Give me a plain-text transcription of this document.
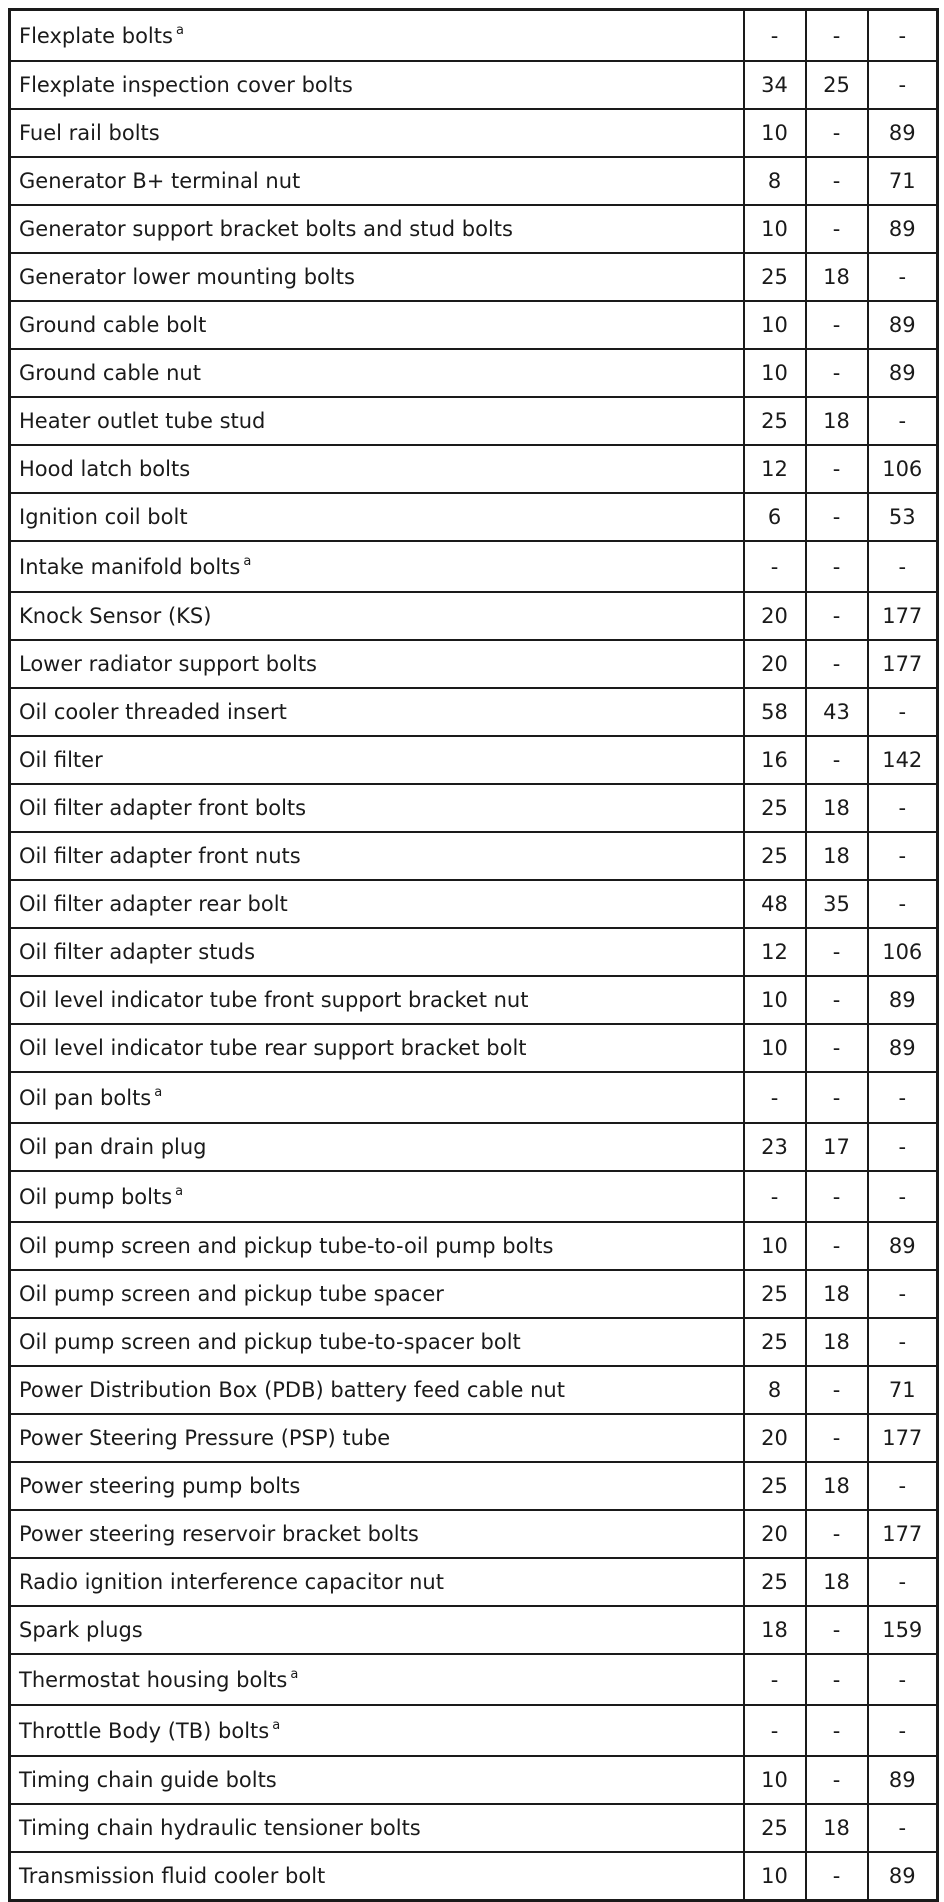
Flexplate bolts $^a$	-	-	-
Flexplate inspection cover bolts	34	25	-
Fuel rail bolts	10	-	89
Generator B+ terminal nut	8	-	71
Generator support bracket bolts and stud bolts	10	-	89
Generator lower mounting bolts	25	18	-
Ground cable bolt	10	-	89
Ground cable nut	10	-	89
Heater outlet tube stud	25	18	-
Hood latch bolts	12	-	106
Ignition coil bolt	6	-	53
Intake manifold bolts $^a$	-	-	-
Knock Sensor (KS)	20	-	177
Lower radiator support bolts	20	-	177
Oil cooler threaded insert	58	43	-
Oil filter	16	-	142
Oil filter adapter front bolts	25	18	-
Oil filter adapter front nuts	25	18	-
Oil filter adapter rear bolt	48	35	-
Oil filter adapter studs	12	-	106
Oil level indicator tube front support bracket nut	10	-	89
Oil level indicator tube rear support bracket bolt	10	-	89
Oil pan bolts $^a$	-	-	-
Oil pan drain plug	23	17	-
Oil pump bolts $^a$	-	-	-
Oil pump screen and pickup tube-to-oil pump bolts	10	-	89
Oil pump screen and pickup tube spacer	25	18	-
Oil pump screen and pickup tube-to-spacer bolt	25	18	-
Power Distribution Box (PDB) battery feed cable nut	8	-	71
Power Steering Pressure (PSP) tube	20	-	177
Power steering pump bolts	25	18	-
Power steering reservoir bracket bolts	20	-	177
Radio ignition interference capacitor nut	25	18	-
Spark plugs	18	-	159
Thermostat housing bolts $^a$	-	-	-
Throttle Body (TB) bolts $^a$	-	-	-
Timing chain guide bolts	10	-	89
Timing chain hydraulic tensioner bolts	25	18	-
Transmission fluid cooler bolt	10	-	89
